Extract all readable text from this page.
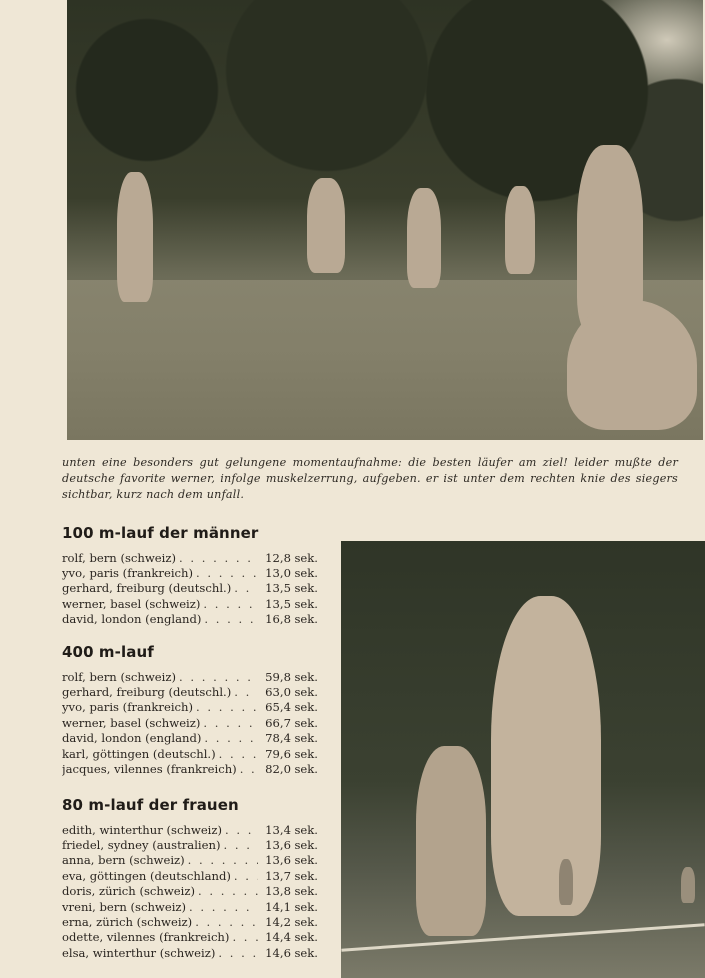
unten eine besonders gut gelungene momentaufnahme: die besten läufer am ziel! leider mußte der deutsche favorite werner, infolge muskelzerrung, aufgeben. er ist unter dem rechten knie des siegers sichtbar, kurz nach dem unfall.
100 m-lauf der männer
rolf, bern (schweiz) . . .	12,8 sek.
yvo, paris (frankreich) . . .	13,0 sek.
gerhard, freiburg (deutschl.) . . .	13,5 sek.
werner, basel (schweiz) . . .	13,5 sek.
david, london (england) . . .	16,8 sek.
400 m-lauf
rolf, bern (schweiz) . . .	59,8 sek.
gerhard, freiburg (deutschl.) . . .	63,0 sek.
yvo, paris (frankreich) . . .	65,4 sek.
werner, basel (schweiz) . . .	66,7 sek.
david, london (england) . . .	78,4 sek.
karl, göttingen (deutschl.) . . .	79,6 sek.
jacques, vilennes (frankreich) . . .	82,0 sek.
80 m-lauf der frauen
edith, winterthur (schweiz) . . .	13,4 sek.
friedel, sydney (australien) . . .	13,6 sek.
anna, bern (schweiz) . . .	13,6 sek.
eva, göttingen (deutschland) . . .	13,7 sek.
doris, zürich (schweiz) . . .	13,8 sek.
vreni, bern (schweiz) . . .	14,1 sek.
erna, zürich (schweiz) . . .	14,2 sek.
odette, vilennes (frankreich) . . .	14,4 sek.
elsa, winterthur (schweiz) . . .	14,6 sek.
